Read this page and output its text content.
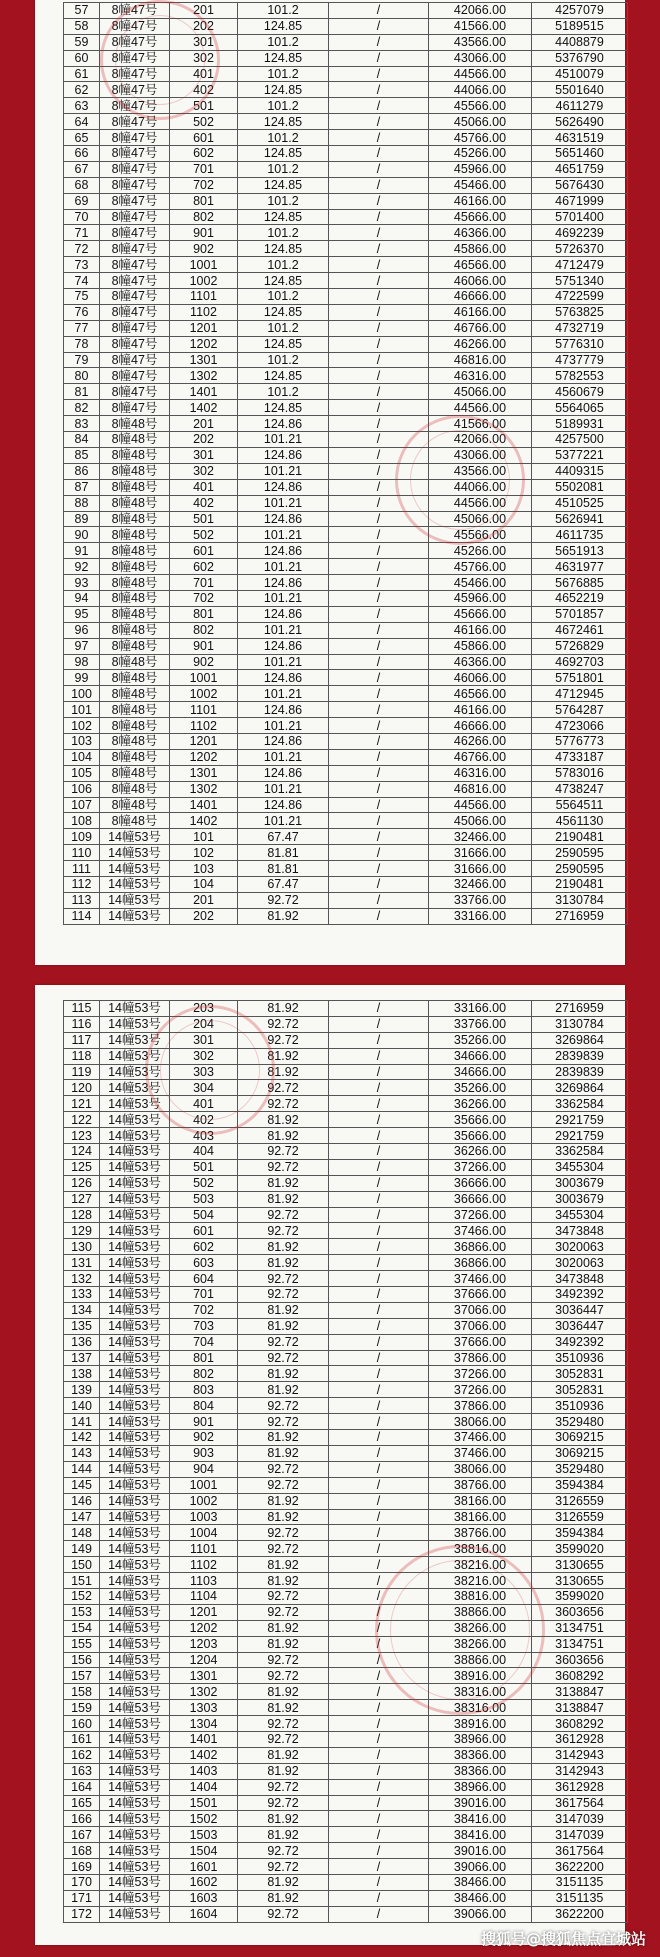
57	8幢47号	201	101.2	/	42066.00	4257079
58	8幢47号	202	124.85	/	41566.00	5189515
59	8幢47号	301	101.2	/	43566.00	4408879
60	8幢47号	302	124.85	/	43066.00	5376790
61	8幢47号	401	101.2	/	44566.00	4510079
62	8幢47号	402	124.85	/	44066.00	5501640
63	8幢47号	501	101.2	/	45566.00	4611279
64	8幢47号	502	124.85	/	45066.00	5626490
65	8幢47号	601	101.2	/	45766.00	4631519
66	8幢47号	602	124.85	/	45266.00	5651460
67	8幢47号	701	101.2	/	45966.00	4651759
68	8幢47号	702	124.85	/	45466.00	5676430
69	8幢47号	801	101.2	/	46166.00	4671999
70	8幢47号	802	124.85	/	45666.00	5701400
71	8幢47号	901	101.2	/	46366.00	4692239
72	8幢47号	902	124.85	/	45866.00	5726370
73	8幢47号	1001	101.2	/	46566.00	4712479
74	8幢47号	1002	124.85	/	46066.00	5751340
75	8幢47号	1101	101.2	/	46666.00	4722599
76	8幢47号	1102	124.85	/	46166.00	5763825
77	8幢47号	1201	101.2	/	46766.00	4732719
78	8幢47号	1202	124.85	/	46266.00	5776310
79	8幢47号	1301	101.2	/	46816.00	4737779
80	8幢47号	1302	124.85	/	46316.00	5782553
81	8幢47号	1401	101.2	/	45066.00	4560679
82	8幢47号	1402	124.85	/	44566.00	5564065
83	8幢48号	201	124.86	/	41566.00	5189931
84	8幢48号	202	101.21	/	42066.00	4257500
85	8幢48号	301	124.86	/	43066.00	5377221
86	8幢48号	302	101.21	/	43566.00	4409315
87	8幢48号	401	124.86	/	44066.00	5502081
88	8幢48号	402	101.21	/	44566.00	4510525
89	8幢48号	501	124.86	/	45066.00	5626941
90	8幢48号	502	101.21	/	45566.00	4611735
91	8幢48号	601	124.86	/	45266.00	5651913
92	8幢48号	602	101.21	/	45766.00	4631977
93	8幢48号	701	124.86	/	45466.00	5676885
94	8幢48号	702	101.21	/	45966.00	4652219
95	8幢48号	801	124.86	/	45666.00	5701857
96	8幢48号	802	101.21	/	46166.00	4672461
97	8幢48号	901	124.86	/	45866.00	5726829
98	8幢48号	902	101.21	/	46366.00	4692703
99	8幢48号	1001	124.86	/	46066.00	5751801
100	8幢48号	1002	101.21	/	46566.00	4712945
101	8幢48号	1101	124.86	/	46166.00	5764287
102	8幢48号	1102	101.21	/	46666.00	4723066
103	8幢48号	1201	124.86	/	46266.00	5776773
104	8幢48号	1202	101.21	/	46766.00	4733187
105	8幢48号	1301	124.86	/	46316.00	5783016
106	8幢48号	1302	101.21	/	46816.00	4738247
107	8幢48号	1401	124.86	/	44566.00	5564511
108	8幢48号	1402	101.21	/	45066.00	4561130
109	14幢53号	101	67.47	/	32466.00	2190481
110	14幢53号	102	81.81	/	31666.00	2590595
111	14幢53号	103	81.81	/	31666.00	2590595
112	14幢53号	104	67.47	/	32466.00	2190481
113	14幢53号	201	92.72	/	33766.00	3130784
114	14幢53号	202	81.92	/	33166.00	2716959
115	14幢53号	203	81.92	/	33166.00	2716959
116	14幢53号	204	92.72	/	33766.00	3130784
117	14幢53号	301	92.72	/	35266.00	3269864
118	14幢53号	302	81.92	/	34666.00	2839839
119	14幢53号	303	81.92	/	34666.00	2839839
120	14幢53号	304	92.72	/	35266.00	3269864
121	14幢53号	401	92.72	/	36266.00	3362584
122	14幢53号	402	81.92	/	35666.00	2921759
123	14幢53号	403	81.92	/	35666.00	2921759
124	14幢53号	404	92.72	/	36266.00	3362584
125	14幢53号	501	92.72	/	37266.00	3455304
126	14幢53号	502	81.92	/	36666.00	3003679
127	14幢53号	503	81.92	/	36666.00	3003679
128	14幢53号	504	92.72	/	37266.00	3455304
129	14幢53号	601	92.72	/	37466.00	3473848
130	14幢53号	602	81.92	/	36866.00	3020063
131	14幢53号	603	81.92	/	36866.00	3020063
132	14幢53号	604	92.72	/	37466.00	3473848
133	14幢53号	701	92.72	/	37666.00	3492392
134	14幢53号	702	81.92	/	37066.00	3036447
135	14幢53号	703	81.92	/	37066.00	3036447
136	14幢53号	704	92.72	/	37666.00	3492392
137	14幢53号	801	92.72	/	37866.00	3510936
138	14幢53号	802	81.92	/	37266.00	3052831
139	14幢53号	803	81.92	/	37266.00	3052831
140	14幢53号	804	92.72	/	37866.00	3510936
141	14幢53号	901	92.72	/	38066.00	3529480
142	14幢53号	902	81.92	/	37466.00	3069215
143	14幢53号	903	81.92	/	37466.00	3069215
144	14幢53号	904	92.72	/	38066.00	3529480
145	14幢53号	1001	92.72	/	38766.00	3594384
146	14幢53号	1002	81.92	/	38166.00	3126559
147	14幢53号	1003	81.92	/	38166.00	3126559
148	14幢53号	1004	92.72	/	38766.00	3594384
149	14幢53号	1101	92.72	/	38816.00	3599020
150	14幢53号	1102	81.92	/	38216.00	3130655
151	14幢53号	1103	81.92	/	38216.00	3130655
152	14幢53号	1104	92.72	/	38816.00	3599020
153	14幢53号	1201	92.72	/	38866.00	3603656
154	14幢53号	1202	81.92	/	38266.00	3134751
155	14幢53号	1203	81.92	/	38266.00	3134751
156	14幢53号	1204	92.72	/	38866.00	3603656
157	14幢53号	1301	92.72	/	38916.00	3608292
158	14幢53号	1302	81.92	/	38316.00	3138847
159	14幢53号	1303	81.92	/	38316.00	3138847
160	14幢53号	1304	92.72	/	38916.00	3608292
161	14幢53号	1401	92.72	/	38966.00	3612928
162	14幢53号	1402	81.92	/	38366.00	3142943
163	14幢53号	1403	81.92	/	38366.00	3142943
164	14幢53号	1404	92.72	/	38966.00	3612928
165	14幢53号	1501	92.72	/	39016.00	3617564
166	14幢53号	1502	81.92	/	38416.00	3147039
167	14幢53号	1503	81.92	/	38416.00	3147039
168	14幢53号	1504	92.72	/	39016.00	3617564
169	14幢53号	1601	92.72	/	39066.00	3622200
170	14幢53号	1602	81.92	/	38466.00	3151135
171	14幢53号	1603	81.92	/	38466.00	3151135
172	14幢53号	1604	92.72	/	39066.00	3622200
搜狐号@搜狐焦点宜城站
